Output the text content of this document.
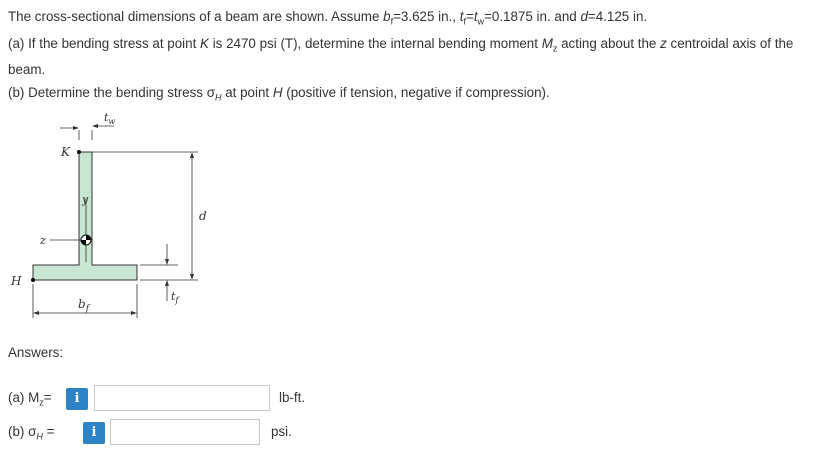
The cross-sectional dimensions of a beam are shown. Assume $b_f=3.625$ in., $t_f=t_w=0.1875$ in. and d=4.125 in.

(a) If the bending stress at point K is 2470 psi (T), determine the internal bending moment $M_z$ acting about the z centroidal axis of the beam.

(b) Determine the bending stress $\sigma_H$ at point H (positive if tension, negative if compression).

$t_w$
K
d
y
z
H
$b_f$
$t_f$
Answers:
(a) $M_z=$	i	lb-ft.
(b) $\sigma_H$ =	i	psi.
